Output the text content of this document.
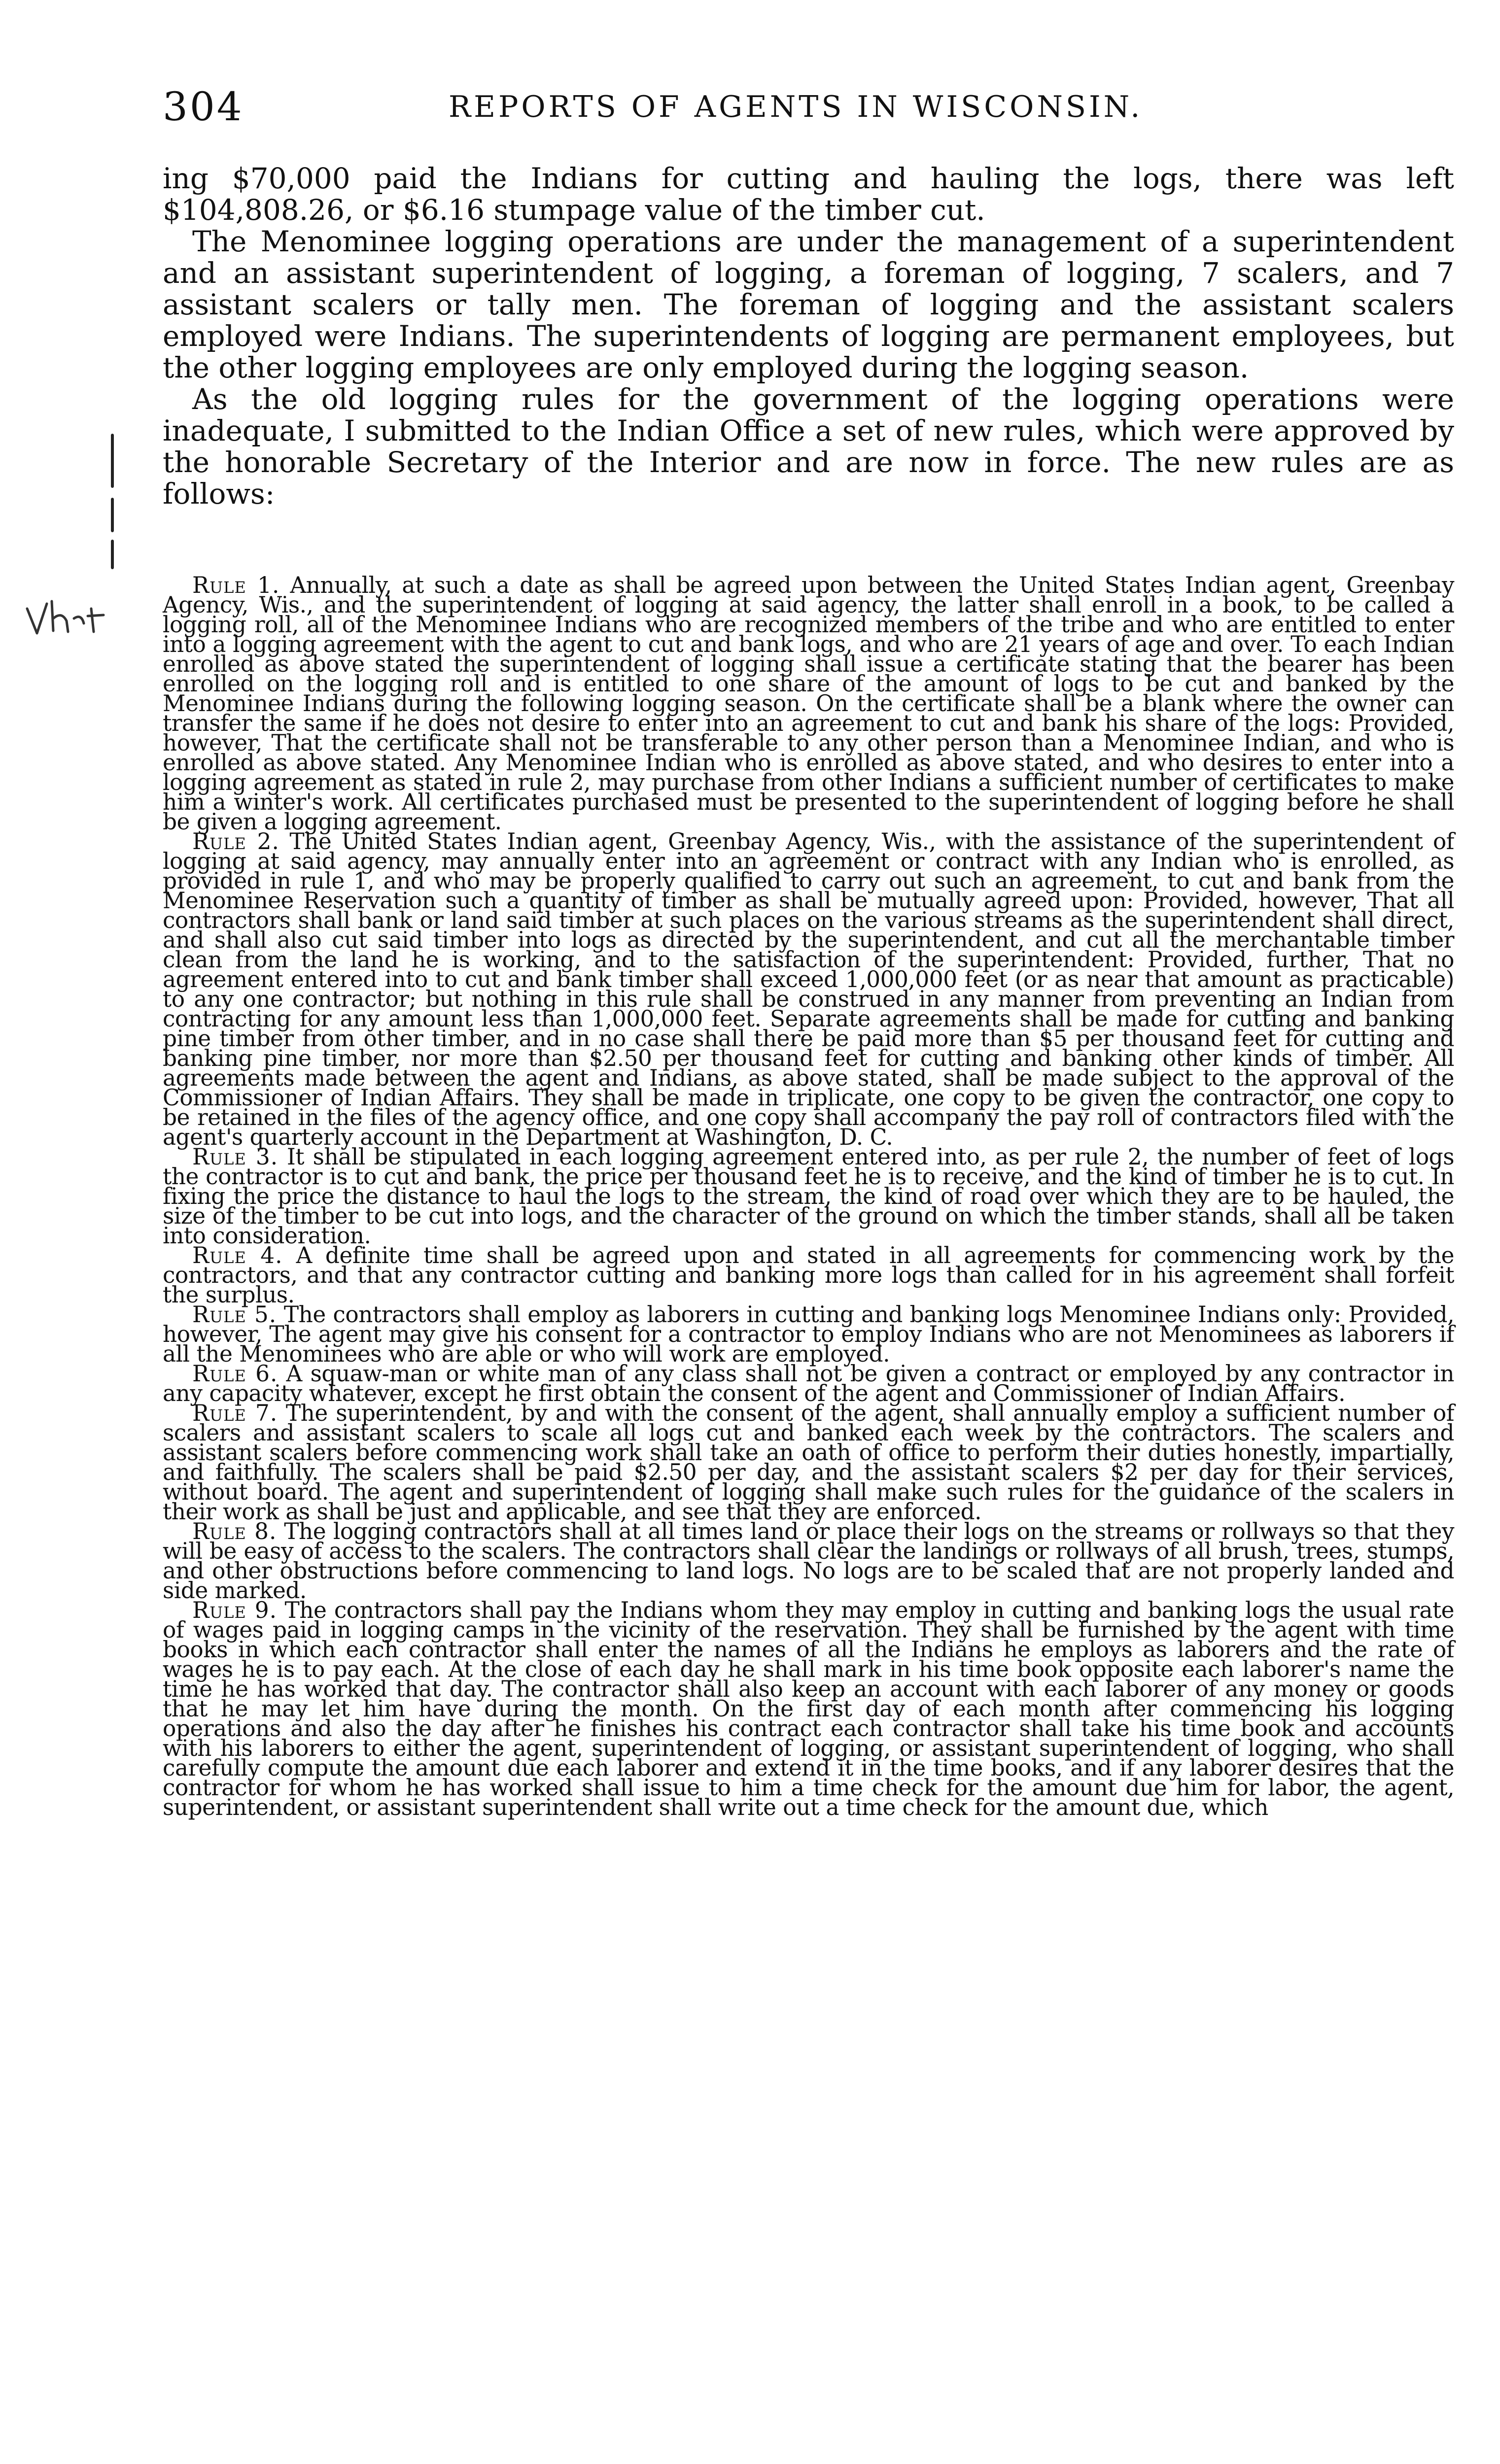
304	REPORTS OF AGENTS IN WISCONSIN.

ing $70,000 paid the Indians for cutting and hauling the logs, there was left $104,808.26, or $6.16 stumpage value of the timber cut.

The Menominee logging operations are under the management of a superintendent and an assistant superintendent of logging, a foreman of logging, 7 scalers, and 7 assistant scalers or tally men. The foreman of logging and the assistant scalers employed were Indians. The superintendents of logging are permanent employees, but the other logging employees are only employed during the logging season.

As the old logging rules for the government of the logging operations were inadequate, I submitted to the Indian Office a set of new rules, which were approved by the honorable Secretary of the Interior and are now in force. The new rules are as follows:

Rule 1. Annually, at such a date as shall be agreed upon between the United States Indian agent, Greenbay Agency, Wis., and the superintendent of logging at said agency, the latter shall enroll in a book, to be called a logging roll, all of the Menominee Indians who are recognized members of the tribe and who are entitled to enter into a logging agreement with the agent to cut and bank logs, and who are 21 years of age and over. To each Indian enrolled as above stated the superintendent of logging shall issue a certificate stating that the bearer has been enrolled on the logging roll and is entitled to one share of the amount of logs to be cut and banked by the Menominee Indians during the following logging season. On the certificate shall be a blank where the owner can transfer the same if he does not desire to enter into an agreement to cut and bank his share of the logs: Provided, however, That the certificate shall not be transferable to any other person than a Menominee Indian, and who is enrolled as above stated. Any Menominee Indian who is enrolled as above stated, and who desires to enter into a logging agreement as stated in rule 2, may purchase from other Indians a sufficient number of certificates to make him a winter's work. All certificates purchased must be presented to the superintendent of logging before he shall be given a logging agreement.

Rule 2. The United States Indian agent, Greenbay Agency, Wis., with the assistance of the superintendent of logging at said agency, may annually enter into an agreement or contract with any Indian who is enrolled, as provided in rule 1, and who may be properly qualified to carry out such an agreement, to cut and bank from the Menominee Reservation such a quantity of timber as shall be mutually agreed upon: Provided, however, That all contractors shall bank or land said timber at such places on the various streams as the superintendent shall direct, and shall also cut said timber into logs as directed by the superintendent, and cut all the merchantable timber clean from the land he is working, and to the satisfaction of the superintendent: Provided, further, That no agreement entered into to cut and bank timber shall exceed 1,000,000 feet (or as near that amount as practicable) to any one contractor; but nothing in this rule shall be construed in any manner from preventing an Indian from contracting for any amount less than 1,000,000 feet. Separate agreements shall be made for cutting and banking pine timber from other timber, and in no case shall there be paid more than $5 per thousand feet for cutting and banking pine timber, nor more than $2.50 per thousand feet for cutting and banking other kinds of timber. All agreements made between the agent and Indians, as above stated, shall be made subject to the approval of the Commissioner of Indian Affairs. They shall be made in triplicate, one copy to be given the contractor, one copy to be retained in the files of the agency office, and one copy shall accompany the pay roll of contractors filed with the agent's quarterly account in the Department at Washington, D. C.

Rule 3. It shall be stipulated in each logging agreement entered into, as per rule 2, the number of feet of logs the contractor is to cut and bank, the price per thousand feet he is to receive, and the kind of timber he is to cut. In fixing the price the distance to haul the logs to the stream, the kind of road over which they are to be hauled, the size of the timber to be cut into logs, and the character of the ground on which the timber stands, shall all be taken into consideration.

Rule 4. A definite time shall be agreed upon and stated in all agreements for commencing work by the contractors, and that any contractor cutting and banking more logs than called for in his agreement shall forfeit the surplus.

Rule 5. The contractors shall employ as laborers in cutting and banking logs Menominee Indians only: Provided, however, The agent may give his consent for a contractor to employ Indians who are not Menominees as laborers if all the Menominees who are able or who will work are employed.

Rule 6. A squaw-man or white man of any class shall not be given a contract or employed by any contractor in any capacity whatever, except he first obtain the consent of the agent and Commissioner of Indian Affairs.

Rule 7. The superintendent, by and with the consent of the agent, shall annually employ a sufficient number of scalers and assistant scalers to scale all logs cut and banked each week by the contractors. The scalers and assistant scalers before commencing work shall take an oath of office to perform their duties honestly, impartially, and faithfully. The scalers shall be paid $2.50 per day, and the assistant scalers $2 per day for their services, without board. The agent and superintendent of logging shall make such rules for the guidance of the scalers in their work as shall be just and applicable, and see that they are enforced.

Rule 8. The logging contractors shall at all times land or place their logs on the streams or rollways so that they will be easy of access to the scalers. The contractors shall clear the landings or rollways of all brush, trees, stumps, and other obstructions before commencing to land logs. No logs are to be scaled that are not properly landed and side marked.

Rule 9. The contractors shall pay the Indians whom they may employ in cutting and banking logs the usual rate of wages paid in logging camps in the vicinity of the reservation. They shall be furnished by the agent with time books in which each contractor shall enter the names of all the Indians he employs as laborers and the rate of wages he is to pay each. At the close of each day he shall mark in his time book opposite each laborer's name the time he has worked that day. The contractor shall also keep an account with each laborer of any money or goods that he may let him have during the month. On the first day of each month after commencing his logging operations and also the day after he finishes his contract each contractor shall take his time book and accounts with his laborers to either the agent, superintendent of logging, or assistant superintendent of logging, who shall carefully compute the amount due each laborer and extend it in the time books, and if any laborer desires that the contractor for whom he has worked shall issue to him a time check for the amount due him for labor, the agent, superintendent, or assistant superintendent shall write out a time check for the amount due, which
